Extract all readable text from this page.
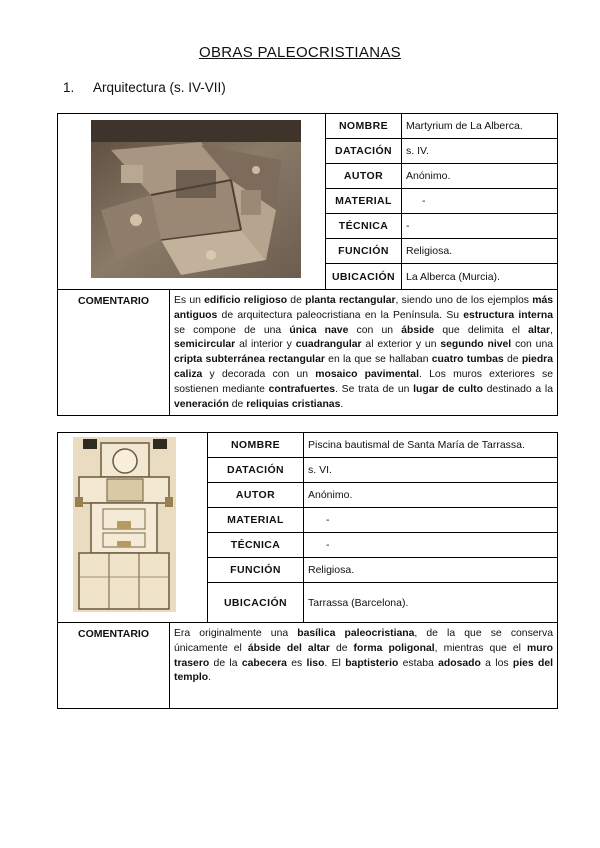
OBRAS PALEOCRISTIANAS
1. Arquitectura (s. IV-VII)
NOMBRE	Martyrium de La Alberca.
DATACIÓN	s. IV.
AUTOR	Anónimo.
MATERIAL	-
TÉCNICA	-
FUNCIÓN	Religiosa.
UBICACIÓN	La Alberca (Murcia).
COMENTARIO	Es un edificio religioso de planta rectangular, siendo uno de los ejemplos más antiguos de arquitectura paleocristiana en la Península. Su estructura interna se compone de una única nave con un ábside que delimita el altar, semicircular al interior y cuadrangular al exterior y un segundo nivel con una cripta subterránea rectangular en la que se hallaban cuatro tumbas de piedra caliza y decorada con un mosaico pavimental. Los muros exteriores se sostienen mediante contrafuertes. Se trata de un lugar de culto destinado a la veneración de reliquias cristianas.
NOMBRE	Piscina bautismal de Santa María de Tarrassa.
DATACIÓN	s. VI.
AUTOR	Anónimo.
MATERIAL	-
TÉCNICA	-
FUNCIÓN	Religiosa.
UBICACIÓN	Tarrassa (Barcelona).
COMENTARIO	Era originalmente una basílica paleocristiana, de la que se conserva únicamente el ábside del altar de forma poligonal, mientras que el muro trasero de la cabecera es liso. El baptisterio estaba adosado a los pies del templo.
